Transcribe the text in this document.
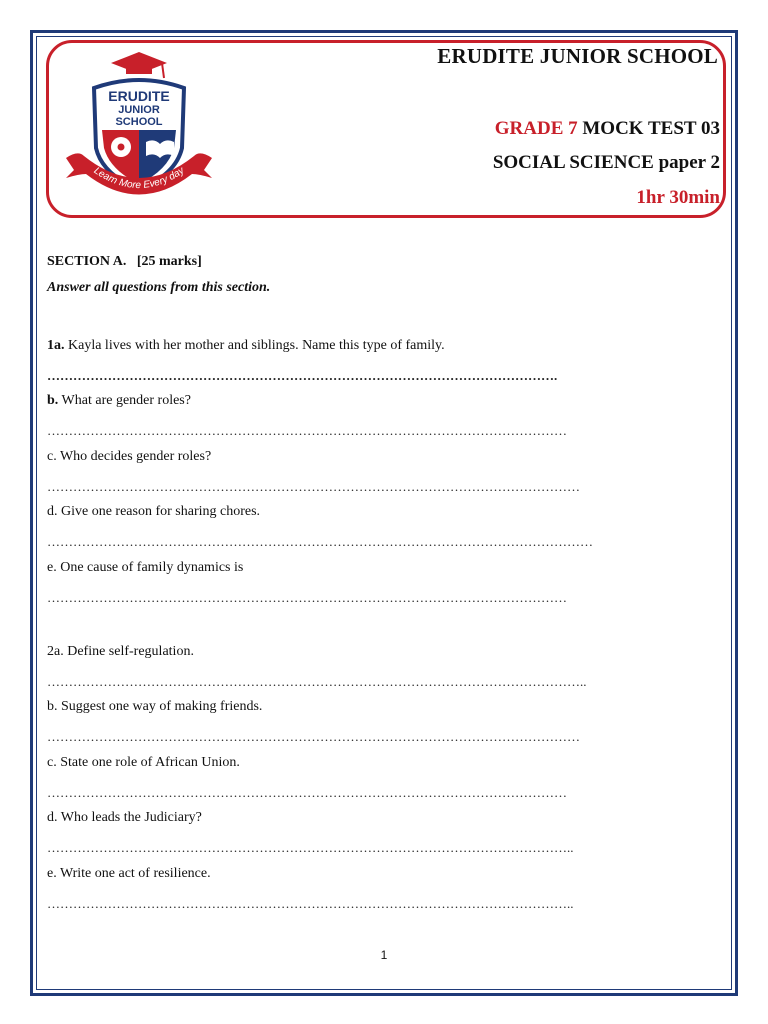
ERUDITE
JUNIOR
SCHOOL
Learn More Every day
ERUDITE JUNIOR SCHOOL
GRADE 7 MOCK TEST 03
SOCIAL SCIENCE paper 2
1hr 30min

SECTION A.   [25 marks]

Answer all questions from this section.

1a. Kayla lives with her mother and siblings. Name this type of family.
……………………………………………………………………………………………………….
b. What are gender roles?
…………………………………………………………………………………………………………
c. Who decides gender roles?
……………………………………………………………………………………………………………
d. Give one reason for sharing chores.
………………………………………………………………………………………………………………
e. One cause of family dynamics is
…………………………………………………………………………………………………………
2a. Define self-regulation.
……………………………………………………………………………………………………………..
b. Suggest one way of making friends.
……………………………………………………………………………………………………………
c. State one role of African Union.
…………………………………………………………………………………………………………
d. Who leads the Judiciary?
…………………………………………………………………………………………………………..
e. Write one act of resilience.
…………………………………………………………………………………………………………..
1
